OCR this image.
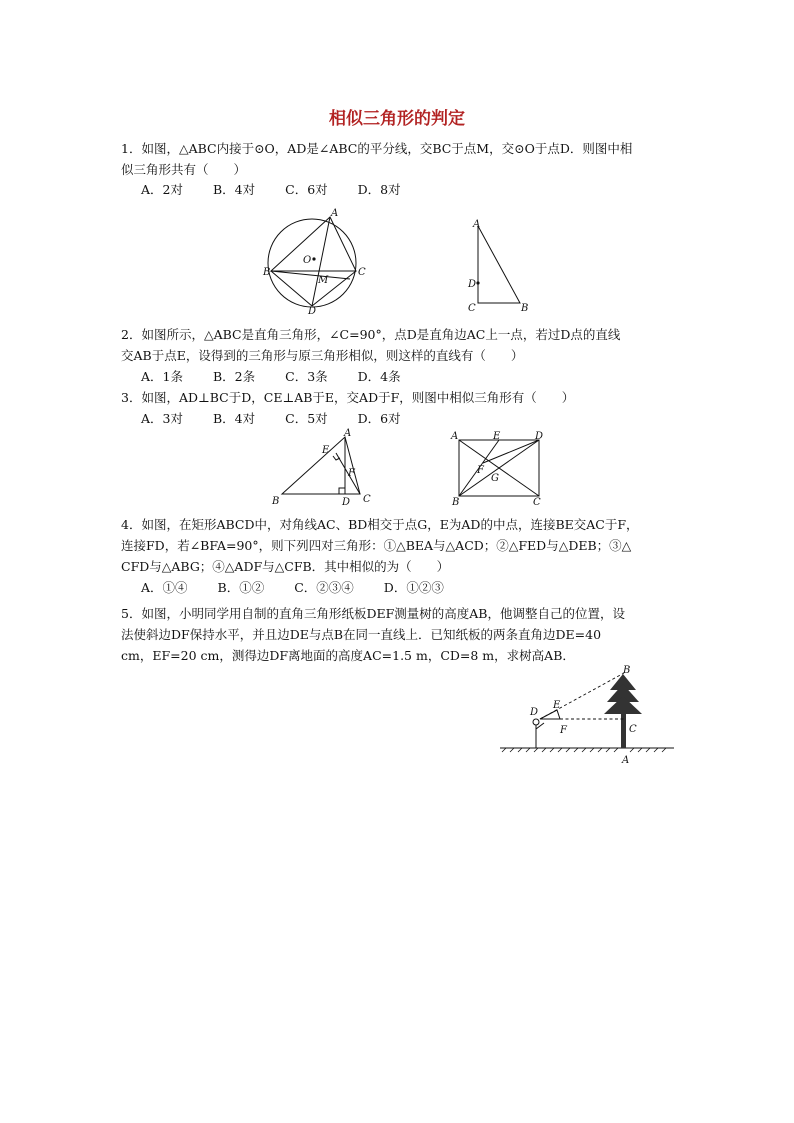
相似三角形的判定
1．如图，△ABC内接于⊙O，AD是∠ABC的平分线，交BC于点M，交⊙O于点D．则图中相
似三角形共有（　　）
A．2对 B．4对 C．6对 D．8对
A
B	C
D
O
M
A
D
C	B
2．如图所示，△ABC是直角三角形，∠C=90°，点D是直角边AC上一点，若过D点的直线
交AB于点E，设得到的三角形与原三角形相似，则这样的直线有（　　）
A．1条 B．2条 C．3条 D．4条
3．如图，AD⊥BC于D，CE⊥AB于E，交AD于F，则图中相似三角形有（　　）
A．3对 B．4对 C．5对 D．6对
A
E
F
B	D C
A	E	D
F
G
B	C
4．如图，在矩形ABCD中，对角线AC、BD相交于点G，E为AD的中点，连接BE交AC于F，
连接FD，若∠BFA=90°，则下列四对三角形：①△BEA与△ACD；②△FED与△DEB；③△
CFD与△ABG；④△ADF与△CFB．其中相似的为（　　）
A．①④ B．①② C．②③④ D．①②③
5．如图，小明同学用自制的直角三角形纸板DEF测量树的高度AB，他调整自己的位置，设
法使斜边DF保持水平，并且边DE与点B在同一直线上．已知纸板的两条直角边DE=40
cm，EF=20 cm，测得边DF离地面的高度AC=1.5 m，CD=8 m，求树高AB．
D
E
F
B
C
A
